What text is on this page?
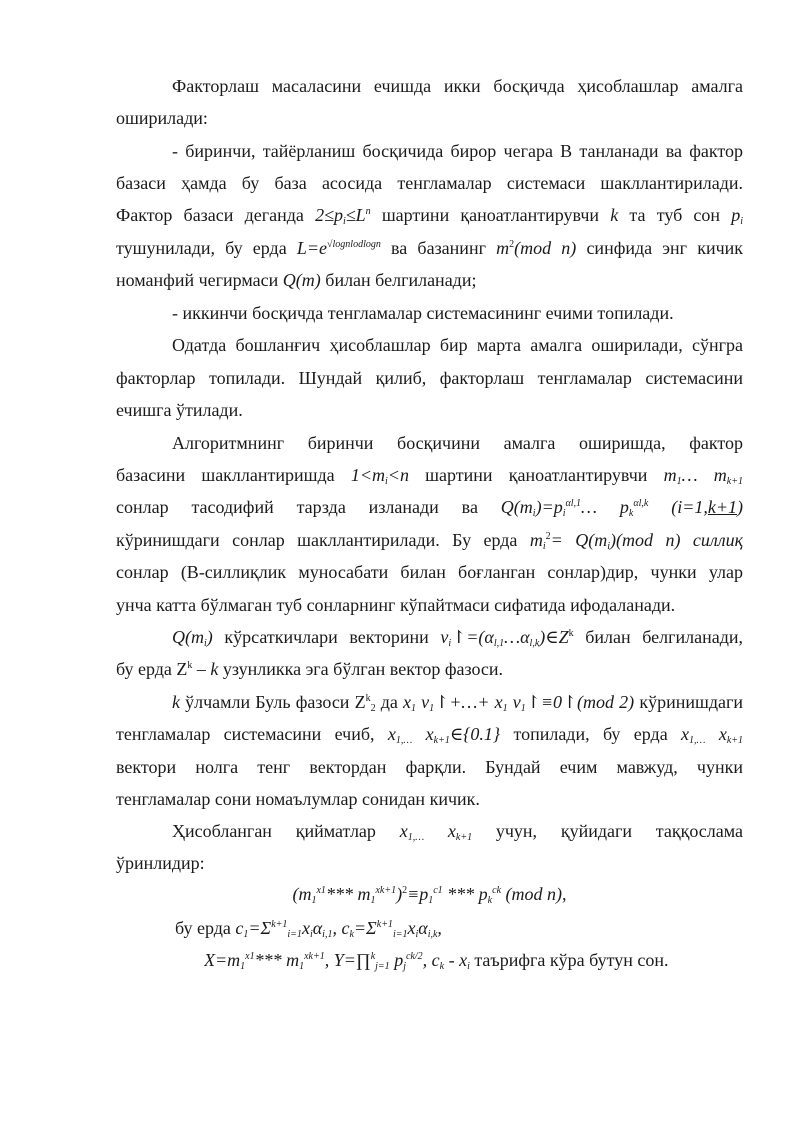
Факторлаш масаласини ечишда икки босқичда ҳисоблашлар амалга
оширилади:
- биринчи, тайёрланиш босқичида бирор чегара В танланади ва фактор
базаси ҳамда бу база асосида тенгламалар системаси шакллантирилади.
Фактор базаси деганда $2\le p_i\le L^n$ шартини қаноатлантирувчи k та туб сон $p_i$
тушунилади, бу ерда $L=e^{√lognlodlogn}$ ва базанинг $m^2(mod$ n) синфида энг кичик
номанфий чегирмаси Q(m) билан белгиланади;
- иккинчи босқичда тенгламалар системасининг ечими топилади.
Одатда бошланғич ҳисоблашлар бир марта амалга оширилади, сўнгра
факторлар топилади. Шундай қилиб, факторлаш тенгламалар системасини
ечишга ўтилади.
Алгоритмнинг биринчи босқичини амалга оширишда, фактор
базасини шакллантиришда $1<m_i<n$ шартини қаноатлантирувчи $m_1\dots$ $m_{k+1}$
сонлар тасодифий тарзда изланади ва $Q(m_i)=p_i^{\alpha l,1}\dots$ $p_k^{\alpha l,k}$ (i=1,k+1)
кўринишдаги сонлар шакллантирилади. Бу ерда $m_i^2= Q(m_i)(mod$ n) силлиқ
сонлар (B-силлиқлик муносабати билан боғланган сонлар)дир, чунки улар
унча катта бўлмаган туб сонларнинг кўпайтмаси сифатида ифодаланади.
$Q(m_i)$ кўрсаткичлари векторини $\nu_i↾=(\alpha_{l,1}\dots\alpha_{l,k})\in Z^k$ билан белгиланади,
бу ерда $Z^k$ – k узунликка эга бўлган вектор фазоси.
k ўлчамли Буль фазоси $Z^k_2$ да $x_1$ $\nu_1↾+\dots+ x_1$ $\nu_1↾\equiv 0↾(mod$ 2) кўринишдаги
тенгламалар системасини ечиб, $x_{1,\dots}$ $x_{k+1}\in\{0.1\}$ топилади, бу ерда $x_{1,\dots}$ $x_{k+1}$
вектори нолга тенг вектордан фарқли. Бундай ечим мавжуд, чунки
тенгламалар сони номаълумлар сонидан кичик.
Ҳисобланган қийматлар $x_{1,\dots}$ $x_{k+1}$ учун, қуйидаги таққослама
ўринлидир:
($m_1^{x1}***$ $m_1^{xk+1})^2\equiv p_1^{c1}$ *** $p_k^{ck}$ (mod n),
бу ерда $c_1=\Sigma^{k+1}_{i=1}x_i\alpha_{i,1}$, $c_k=\Sigma^{k+1}_{i=1}x_i\alpha_{i,k}$,
$X=m_1^{x1}***$ $m_1^{xk+1}$, Y=∏$^k_{j=1}$ $p_j^{ck/2}$, $c_k - x_i$ таърифга кўра бутун сон.
